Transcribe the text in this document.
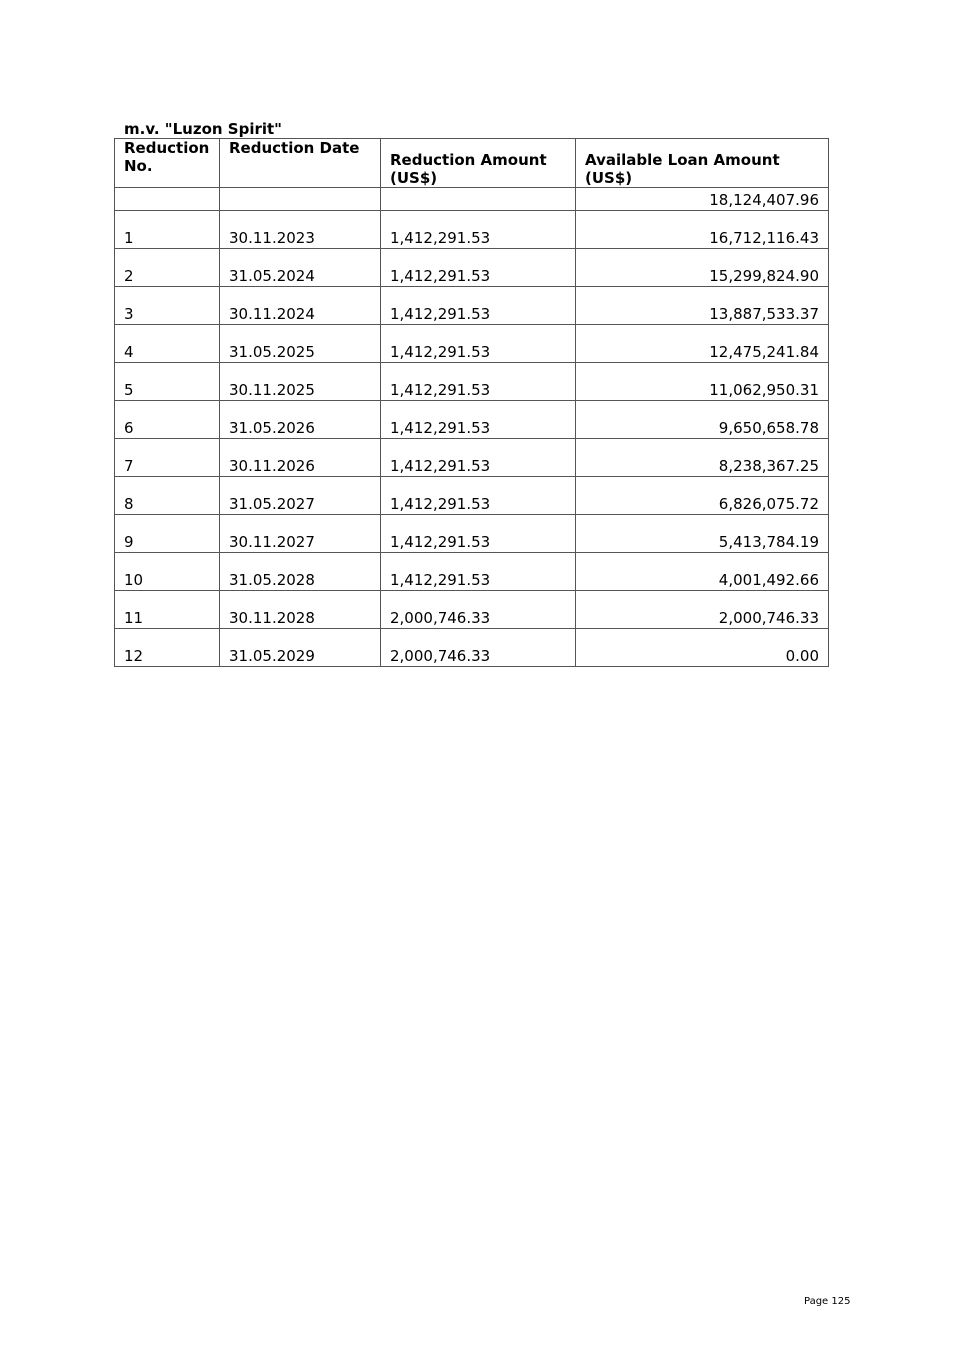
m.v. "Luzon Spirit"
Reduction No.	Reduction Date	Reduction Amount (US$)	Available Loan Amount (US$)
			18,124,407.96
1	30.11.2023	1,412,291.53	16,712,116.43
2	31.05.2024	1,412,291.53	15,299,824.90
3	30.11.2024	1,412,291.53	13,887,533.37
4	31.05.2025	1,412,291.53	12,475,241.84
5	30.11.2025	1,412,291.53	11,062,950.31
6	31.05.2026	1,412,291.53	9,650,658.78
7	30.11.2026	1,412,291.53	8,238,367.25
8	31.05.2027	1,412,291.53	6,826,075.72
9	30.11.2027	1,412,291.53	5,413,784.19
10	31.05.2028	1,412,291.53	4,001,492.66
11	30.11.2028	2,000,746.33	2,000,746.33
12	31.05.2029	2,000,746.33	0.00
Page 125
